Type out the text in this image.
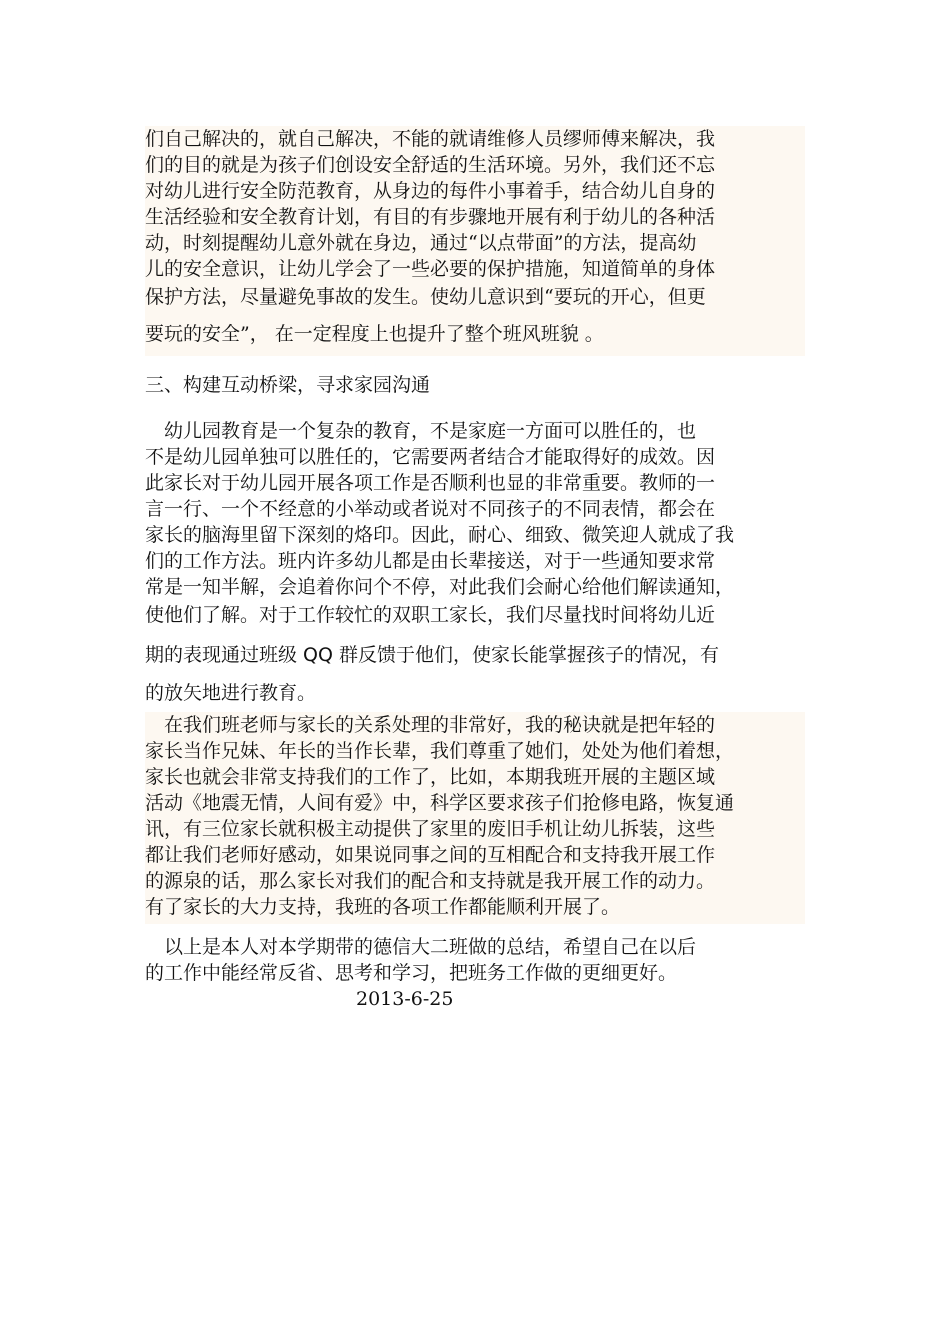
们自己解决的，就自己解决，不能的就请维修人员缪师傅来解决，我
们的目的就是为孩子们创设安全舒适的生活环境。另外，我们还不忘
对幼儿进行安全防范教育，从身边的每件小事着手，结合幼儿自身的
生活经验和安全教育计划，有目的有步骤地开展有利于幼儿的各种活
动，时刻提醒幼儿意外就在身边，通过“以点带面”的方法，提高幼
儿的安全意识，让幼儿学会了一些必要的保护措施，知道简单的身体
保护方法，尽量避免事故的发生。使幼儿意识到“要玩的开心，但更
要玩的安全”， 在一定程度上也提升了整个班风班貌 。
三、构建互动桥梁，寻求家园沟通
　幼儿园教育是一个复杂的教育，不是家庭一方面可以胜任的，也
不是幼儿园单独可以胜任的，它需要两者结合才能取得好的成效。因
此家长对于幼儿园开展各项工作是否顺利也显的非常重要。教师的一
言一行、一个不经意的小举动或者说对不同孩子的不同表情，都会在
家长的脑海里留下深刻的烙印。因此，耐心、细致、微笑迎人就成了我
们的工作方法。班内许多幼儿都是由长辈接送，对于一些通知要求常
常是一知半解，会追着你问个不停，对此我们会耐心给他们解读通知，
使他们了解。对于工作较忙的双职工家长，我们尽量找时间将幼儿近
期的表现通过班级 QQ 群反馈于他们，使家长能掌握孩子的情况，有
的放矢地进行教育。
　在我们班老师与家长的关系处理的非常好，我的秘诀就是把年轻的
家长当作兄妹、年长的当作长辈，我们尊重了她们，处处为他们着想，
家长也就会非常支持我们的工作了，比如，本期我班开展的主题区域
活动《地震无情，人间有爱》中，科学区要求孩子们抢修电路，恢复通
讯，有三位家长就积极主动提供了家里的废旧手机让幼儿拆装，这些
都让我们老师好感动，如果说同事之间的互相配合和支持我开展工作
的源泉的话，那么家长对我们的配合和支持就是我开展工作的动力。
有了家长的大力支持，我班的各项工作都能顺利开展了。
　以上是本人对本学期带的德信大二班做的总结，希望自己在以后
的工作中能经常反省、思考和学习，把班务工作做的更细更好。
2013-6-25
